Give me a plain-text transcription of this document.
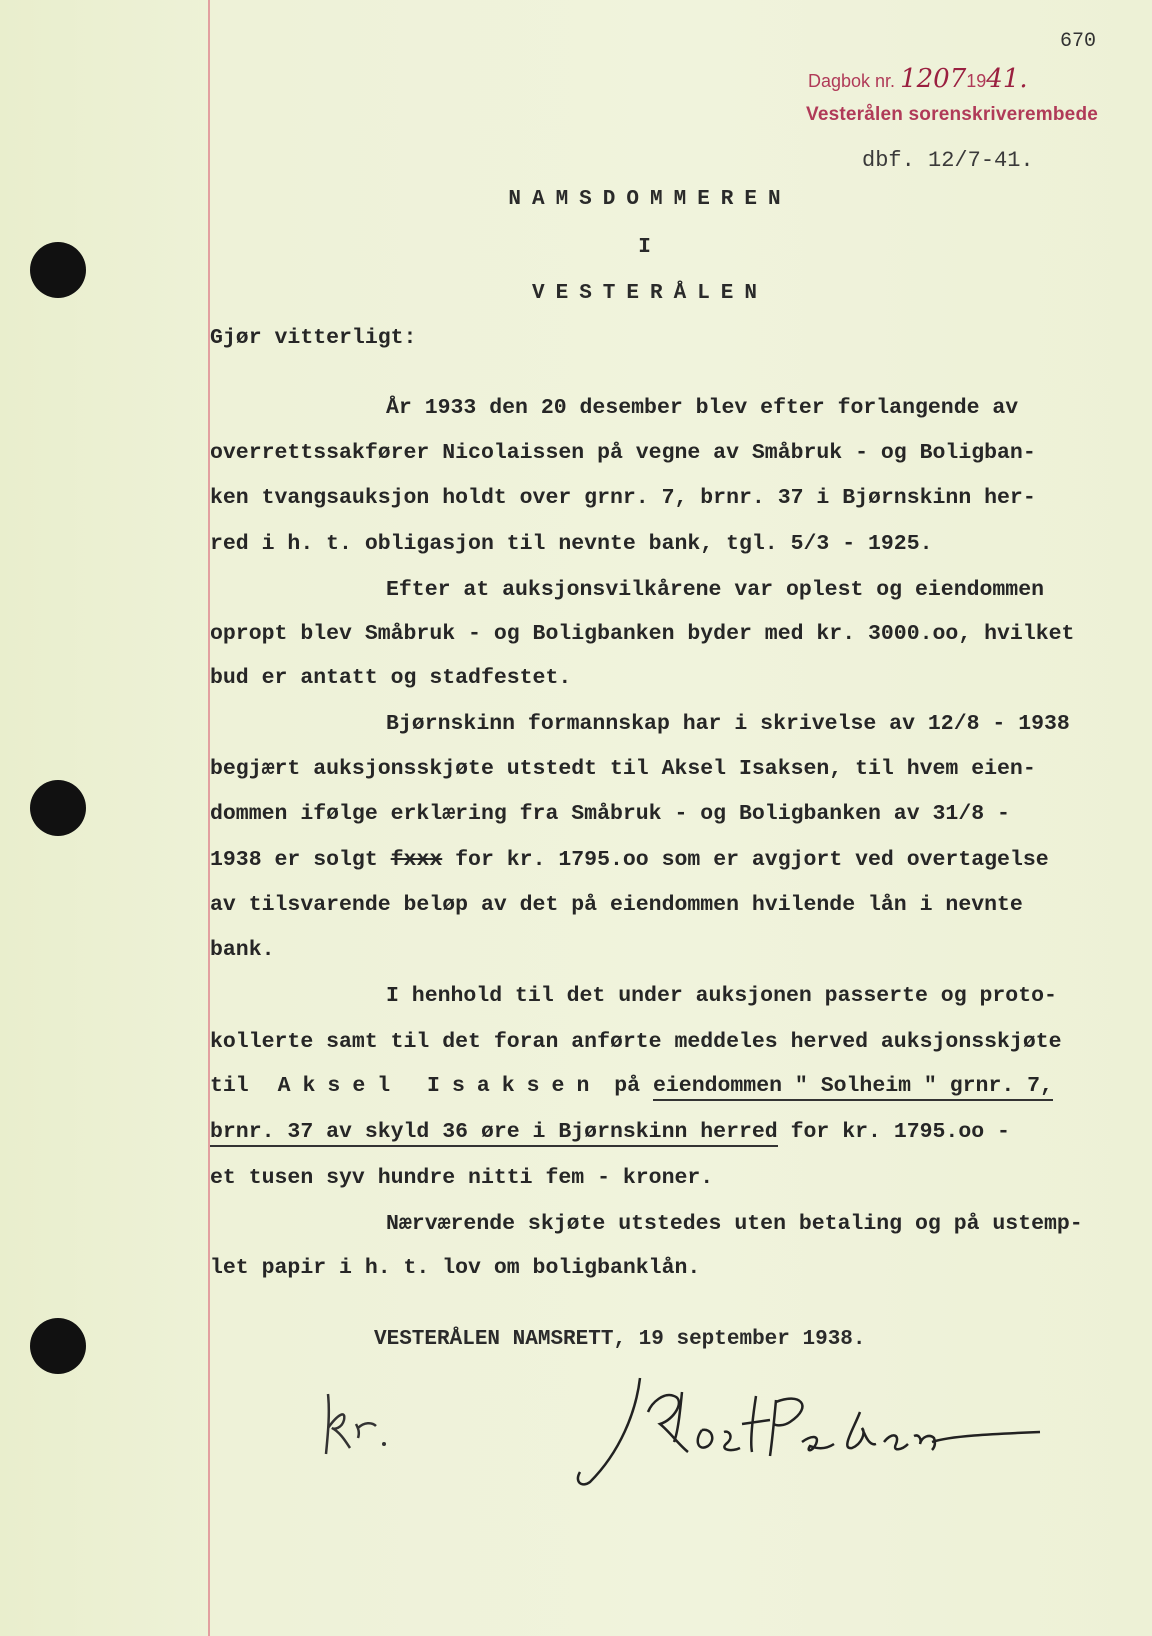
670
Dagbok nr. 12071941.
Vesterålen sorenskriverembede
dbf. 12/7-41.
NAMSDOMMEREN
I
VESTERÅLEN
Gjør vitterligt:
År 1933 den 20 desember blev efter forlangende av
overrettssakfører Nicolaissen på vegne av Småbruk - og Boligban-
ken tvangsauksjon holdt over grnr. 7, brnr. 37 i Bjørnskinn her-
red i h. t. obligasjon til nevnte bank, tgl. 5/3 - 1925.
Efter at auksjonsvilkårene var oplest og eiendommen
opropt blev Småbruk - og Boligbanken byder med kr. 3000.oo, hvilket
bud er antatt og stadfestet.
Bjørnskinn formannskap har i skrivelse av 12/8 - 1938
begjært auksjonsskjøte utstedt til Aksel Isaksen, til hvem eien-
dommen ifølge erklæring fra Småbruk - og Boligbanken av 31/8 -
1938 er solgt fxxx for kr. 1795.oo som er avgjort ved overtagelse
av tilsvarende beløp av det på eiendommen hvilende lån i nevnte
bank.
I henhold til det under auksjonen passerte og proto-
kollerte samt til det foran anførte meddeles herved auksjonsskjøte
til Aksel Isaksen på eiendommen " Solheim " grnr. 7,
brnr. 37 av skyld 36 øre i Bjørnskinn herred for kr. 1795.oo -
et tusen syv hundre nitti fem - kroner.
Nærværende skjøte utstedes uten betaling og på ustemp-
let papir i h. t. lov om boligbanklån.
VESTERÅLEN NAMSRETT, 19 september 1938.
